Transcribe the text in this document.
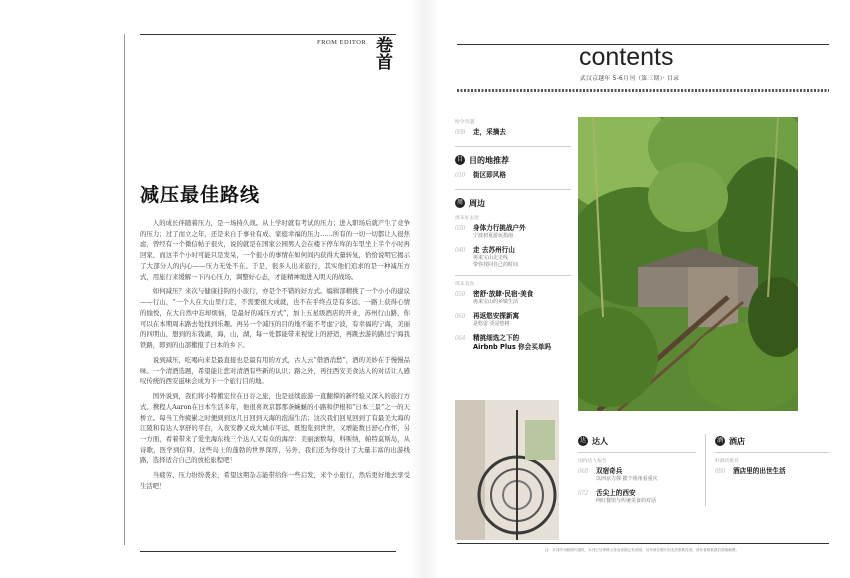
FROM EDITOR 卷首
减压最佳路线

人的成长伴随着压力，是一场持久战。从上学时就有考试的压力；进入职场后就产生了竞争的压力；过了而立之年，还是来自于事业有成、家庭幸福的压力……所有的一切一切都让人很焦虑，曾经有一个微信帖子很火，说的就是在国家公园男人会在楼下停车库的车里坐上半个小时再回家，而这半个小时可能只是发呆，一个很小的事情在如何间内获得大量转复，恰恰说明它揭示了大部分人的内心——压力无处不在。于是，很多人出来旅行，其实他们追求的是一种减压方式，用旅行来缓解一下内心压力，调整好心态，才能精神地进入明天的战场。

如何减压？来次与健康挂钩的小旅行，亦是个不错的好方式。编辑部精挑了一个小小的建议——行山，“一个人在大山里行走，不需要很大成就，也不在乎终点是有多远，一路上获得心情的愉悦，在大自然中忘却烦恼，是最好的减压方式”，加上五星级酒店的开业，苏州行山路，你可以在本期周末路去处找到乐趣。再另一个减压的目的地不能不考虑宁波，有幸福的宁海，美丽的四明山，想到的东钱湖，海，山，湖，每一处都能带来视觉上的舒适，再跳去游的路过宁海我铁路，即到的山部搬报了日本的乡下。

说到减压，吃喝向来是最直接也是最有用的方式，古人云“借酒消愁”，酒的美妙在于慢慢品味。一个清酒选题，希望能让您对清酒有些新的认识；路之外，再往西安美食达人的对话让人感叹传统的西安滋味会成为下一个旅行目的地。

国外说到，我们将小特搬宏位在日谷之旅，也是延续旅游一直翻撑的新经验又深入的旅行方式。携程人Aaron在日本生活多年，他很喜欢京都那条蜿蜒的小路和伊根和“日本三景”之一的天桥立。每当工作疲累之时便到到这几日回到天海的泡湯生活；这次我们回见回到了有最美大海的江陵和有达人享舒的平台，入夜安静又成大城市平远，既饱览到世世，又增能数日舒心作怀，另一方面，看着带来了爱坐海东线三个达人又有众的海岸：美丽滚数每，科斯纳，帕特莫斯岛，从诗歌，医学到信仰，这些岛上的蓬勃的世界深厚，另外，我们还为你设计了大量丰富的出游线路，选择适合自己的放松旅程吧！

当疲劳、压力纷纷袭来，希望这期杂志能带给你一些启发，来个小旅行，然后更好地去享受生活吧！

contents
武汉京越年 5-6月刊（第三期）· 目录
时令奇遇
008	走，采摘去
目 目的地推荐
010	街区即风格
周 周边
周末好去处
030	身体力行挑战户外
宁波初夏游玩指南
040	走 去苏州行山
再来宝山走走线
带你找回自己的时间
周末美食
050	密舒·放肆·民宿·美食
再来宝山的乡镇生活
060	再返悠安探新寓
是悠雷 更是悠格
064	精挑细选之下的
Airbnb Plus 你会买单吗
达 达人
国内达人报告
068	双宿奇兵
以西京力撑 揽个视角看重庆
072	舌尖上的西安
网红餐馆与传统美食的对话
酒 酒店
好酒店推荐
080	酒店里的出世生活
注：本刊所刊载图片版权，本刊已尽审核义务及来源已有说明；另外部分图片因无法联系作者，请作者联系我们领取稿费。
